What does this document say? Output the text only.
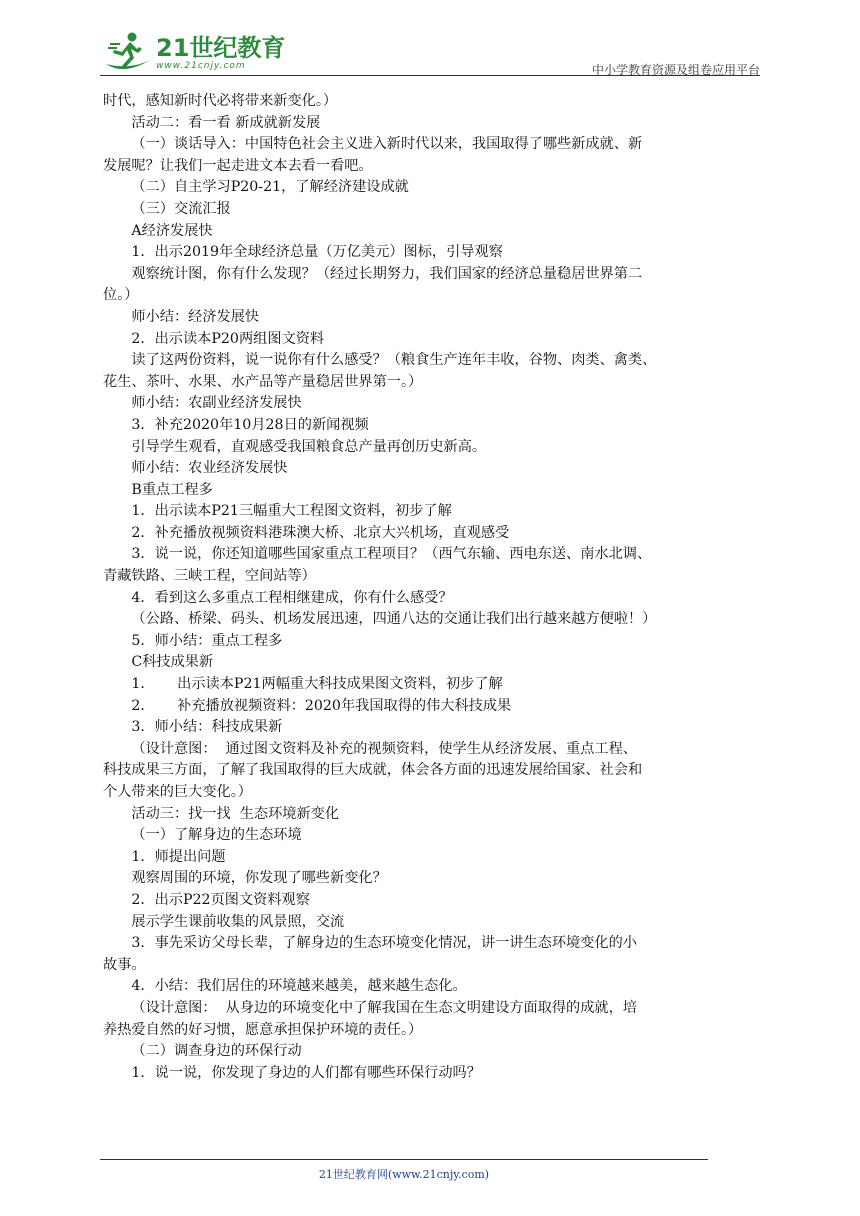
21世纪教育
www.21cnjy.com	中小学教育资源及组卷应用平台

时代，感知新时代必将带来新变化。）

活动二：看一看 新成就新发展

（一）谈话导入：中国特色社会主义进入新时代以来，我国取得了哪些新成就、新

发展呢？让我们一起走进文本去看一看吧。

（二）自主学习P20-21，了解经济建设成就

（三）交流汇报

A经济发展快

1．出示2019年全球经济总量（万亿美元）图标，引导观察

观察统计图，你有什么发现？（经过长期努力，我们国家的经济总量稳居世界第二

位。）

师小结：经济发展快

2．出示读本P20两组图文资料

读了这两份资料，说一说你有什么感受？（粮食生产连年丰收，谷物、肉类、禽类、

花生、茶叶、水果、水产品等产量稳居世界第一。）

师小结：农副业经济发展快

3．补充2020年10月28日的新闻视频

引导学生观看，直观感受我国粮食总产量再创历史新高。

师小结：农业经济发展快

B重点工程多

1．出示读本P21三幅重大工程图文资料，初步了解

2．补充播放视频资料港珠澳大桥、北京大兴机场，直观感受

3．说一说，你还知道哪些国家重点工程项目？（西气东输、西电东送、南水北调、

青藏铁路、三峡工程，空间站等）

4．看到这么多重点工程相继建成，你有什么感受？

（公路、桥梁、码头、机场发展迅速，四通八达的交通让我们出行越来越方便啦！）

5．师小结：重点工程多

C科技成果新

1．     出示读本P21两幅重大科技成果图文资料，初步了解

2．     补充播放视频资料：2020年我国取得的伟大科技成果

3．师小结：科技成果新

（设计意图：  通过图文资料及补充的视频资料，使学生从经济发展、重点工程、

科技成果三方面，了解了我国取得的巨大成就，体会各方面的迅速发展给国家、社会和

个人带来的巨大变化。）

活动三：找一找  生态环境新变化

（一）了解身边的生态环境

1．师提出问题

观察周围的环境，你发现了哪些新变化？

2．出示P22页图文资料观察

展示学生课前收集的风景照，交流

3．事先采访父母长辈，了解身边的生态环境变化情况，讲一讲生态环境变化的小

故事。

4．小结：我们居住的环境越来越美，越来越生态化。

（设计意图：  从身边的环境变化中了解我国在生态文明建设方面取得的成就，培

养热爱自然的好习惯，愿意承担保护环境的责任。）

（二）调查身边的环保行动

1．说一说，你发现了身边的人们都有哪些环保行动吗？

21世纪教育网(www.21cnjy.com)
